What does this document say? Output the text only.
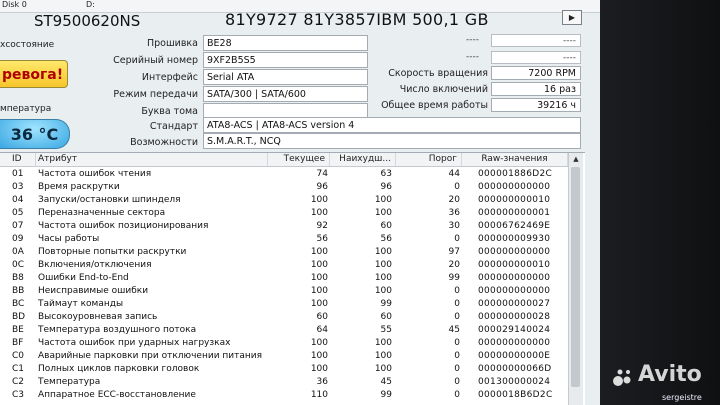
Disk 0	D:
ST9500620NS	81Y9727 81Y3857IBM 500,1 GB	▶
хсостояние
ревога!
мпература
36 °C
Прошивка BE28
Серийный номер 9XF2B5S5
Интерфейс Serial ATA
Режим передачи SATA/300 | SATA/600
Буква тома
Стандарт ATA8-ACS | ATA8-ACS version 4
Возможности S.M.A.R.T., NCQ
----	----
----	----
Скорость вращения	7200 RPM
Число включений	16 раз
Общее время работы	39216 ч
ID	Атрибут	Текущее	Наихудш...	Порог	Raw-значения
01	Частота ошибок чтения	74	63	44 000001886D2C
03	Время раскрутки	96	96	0 000000000000
04	Запуски/остановки шпинделя	100	100	20 000000000010
05	Переназначенные сектора	100	100	36 000000000001
07	Частота ошибок позиционирования	92	60	30 00006762469E
09	Часы работы	56	56	0 000000009930
0A	Повторные попытки раскрутки	100	100	97 000000000000
0C	Включения/отключения	100	100	20 000000000010
B8	Ошибки End-to-End	100	100	99 000000000000
BB	Неисправимые ошибки	100	100	0 000000000000
BC	Таймаут команды	100	99	0 000000000027
BD	Высокоуровневая запись	60	60	0 000000000028
BE	Температура воздушного потока	64	55	45 000029140024
BF	Частота ошибок при ударных нагрузках	100	100	0 000000000000
C0	Аварийные парковки при отключении питания	100	100	0 00000000000E
C1	Полных циклов парковки головок	100	100	0 00000000066D
C2	Температура	36	45	0 001300000024
C3	Аппаратное ECC-восстановление	110	99	0 0000018B6D2C
▲
Avito
sergeistre
